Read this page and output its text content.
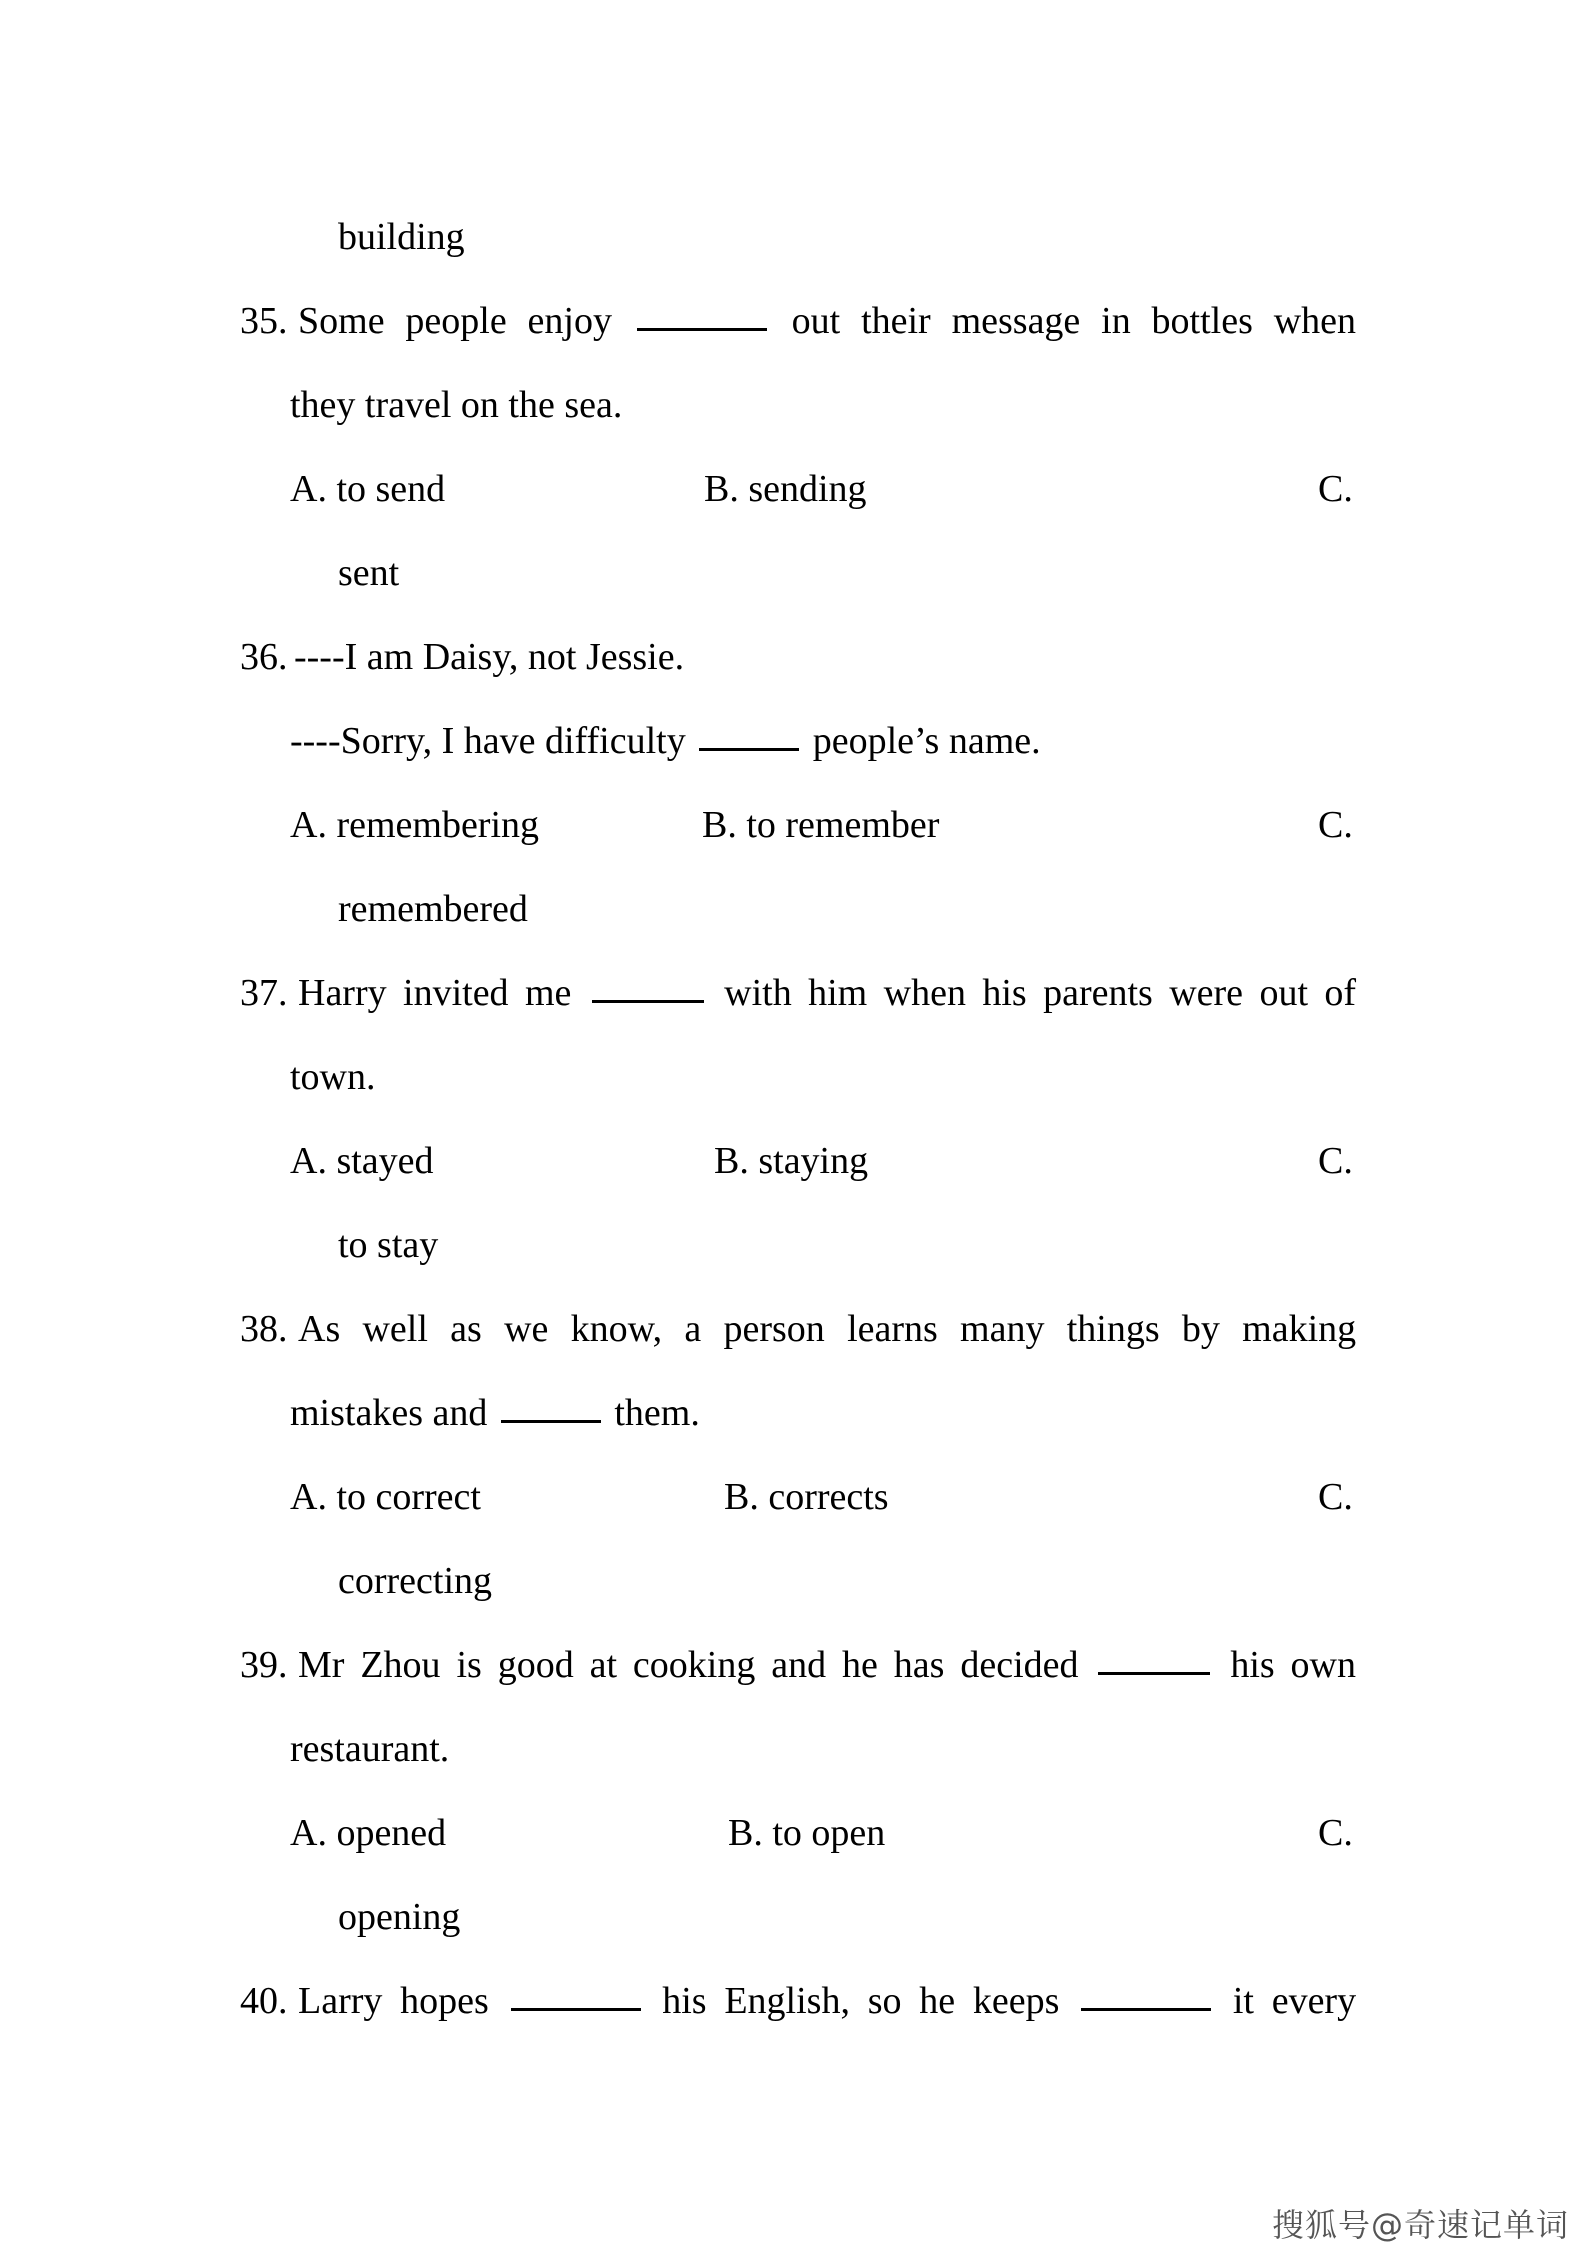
building
35. Some people enjoy	out their message in bottles when
they travel on the sea.
A. to send	B. sending	C.
sent
36. ----I am Daisy, not Jessie.
----Sorry, I have difficulty	people’s name.
A. remembering	B. to remember	C.
remembered
37. Harry invited me	with him when his parents were out of
town.
A. stayed	B. staying	C.
to stay
38. As well as we know, a person learns many things by making
mistakes and	them.
A. to correct	B. corrects	C.
correcting
39. Mr Zhou is good at cooking and he has decided	his own
restaurant.
A. opened	B. to open	C.
opening
40. Larry hopes	his English, so he keeps	it every
搜狐号@奇速记单词
